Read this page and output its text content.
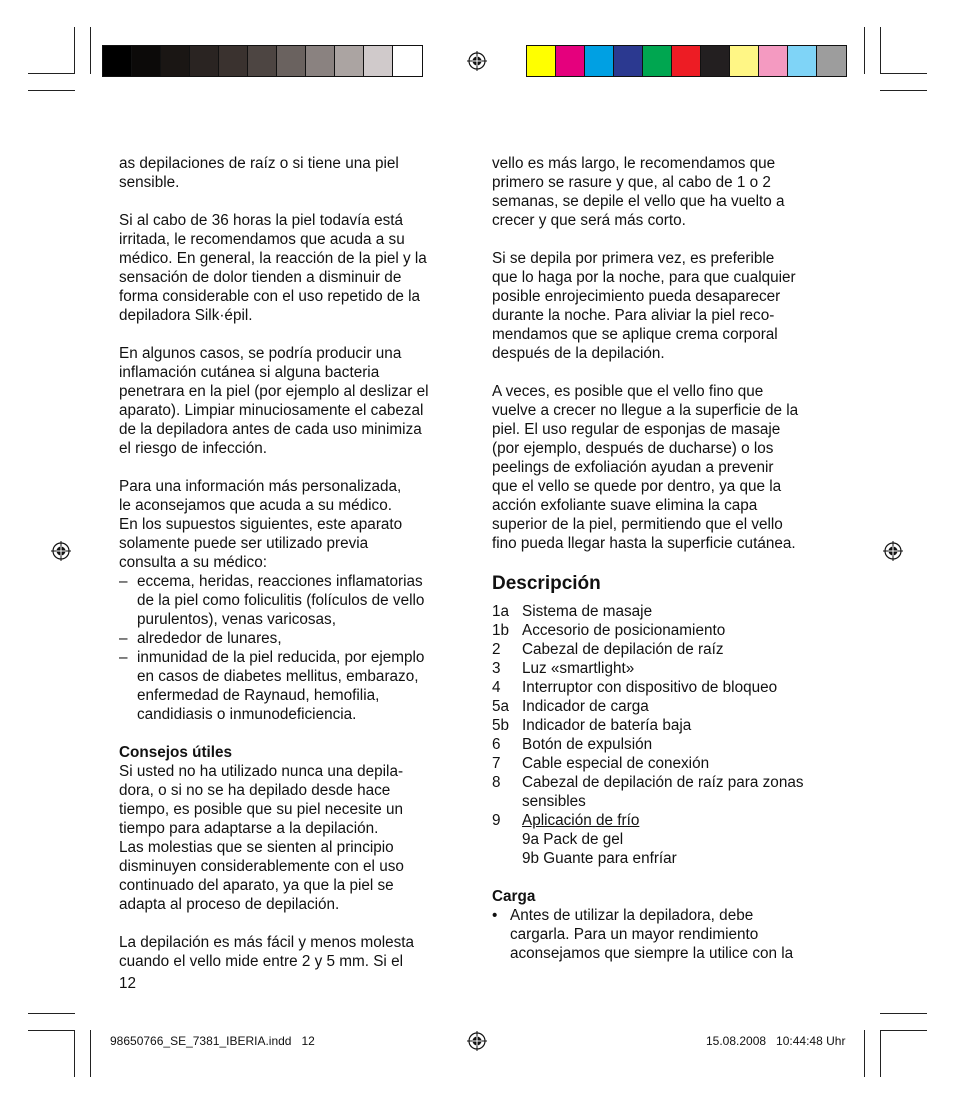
as depilaciones de raíz o si tiene una piel
sensible.

Si al cabo de 36 horas la piel todavía está
irritada, le recomendamos que acuda a su
médico. En general, la reacción de la piel y la
sensación de dolor tienden a disminuir de
forma considerable con el uso repetido de la
depiladora Silk·épil.

En algunos casos, se podría producir una
inflamación cutánea si alguna bacteria
penetrara en la piel (por ejemplo al deslizar el
aparato). Limpiar minuciosamente el cabezal
de la depiladora antes de cada uso minimiza
el riesgo de infección.

Para una información más personalizada,
le aconsejamos que acuda a su médico.
En los supuestos siguientes, este aparato
solamente puede ser utilizado previa
consulta a su médico:
– eccema, heridas, reacciones inflamatorias
de la piel como foliculitis (folículos de vello
purulentos), venas varicosas,
– alrededor de lunares,
– inmunidad de la piel reducida, por ejemplo
en casos de diabetes mellitus, embarazo,
enfermedad de Raynaud, hemofilia,
candidiasis o inmunodeficiencia.
Consejos útiles

Si usted no ha utilizado nunca una depila-
dora, o si no se ha depilado desde hace
tiempo, es posible que su piel necesite un
tiempo para adaptarse a la depilación.
Las molestias que se sienten al principio
disminuyen considerablemente con el uso
continuado del aparato, ya que la piel se
adapta al proceso de depilación.

La depilación es más fácil y menos molesta
cuando el vello mide entre 2 y 5 mm. Si el
12

vello es más largo, le recomendamos que
primero se rasure y que, al cabo de 1 o 2
semanas, se depile el vello que ha vuelto a
crecer y que será más corto.

Si se depila por primera vez, es preferible
que lo haga por la noche, para que cualquier
posible enrojecimiento pueda desaparecer
durante la noche. Para aliviar la piel reco-
mendamos que se aplique crema corporal
después de la depilación.

A veces, es posible que el vello fino que
vuelve a crecer no llegue a la superficie de la
piel. El uso regular de esponjas de masaje
(por ejemplo, después de ducharse) o los
peelings de exfoliación ayudan a prevenir
que el vello se quede por dentro, ya que la
acción exfoliante suave elimina la capa
superior de la piel, permitiendo que el vello
fino pueda llegar hasta la superficie cutánea.

Descripción
1a Sistema de masaje
1b Accesorio de posicionamiento
2	Cabezal de depilación de raíz
3	Luz «smartlight»
4	Interruptor con dispositivo de bloqueo
5a Indicador de carga
5b Indicador de batería baja
6	Botón de expulsión
7	Cable especial de conexión
8	Cabezal de depilación de raíz para zonas
sensibles
9	Aplicación de frío
9a Pack de gel
9b Guante para enfríar
Carga
• Antes de utilizar la depiladora, debe
cargarla. Para un mayor rendimiento
aconsejamos que siempre la utilice con la
98650766_SE_7381_IBERIA.indd   12	15.08.2008   10:44:48 Uhr
